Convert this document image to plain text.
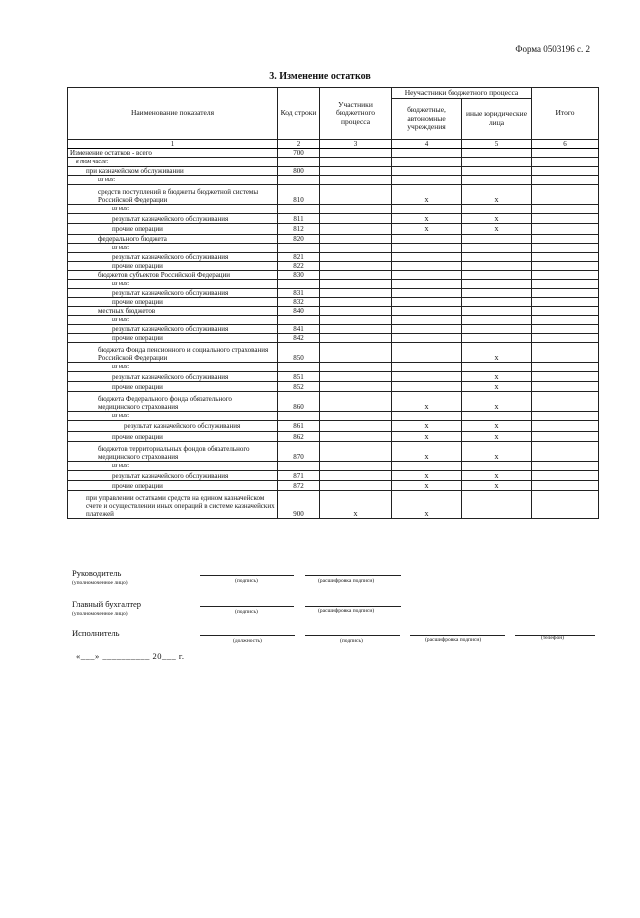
Форма 0503196 с. 2
3. Изменение остатков
Наименование показателя	Код строки	Участники бюджетного процесса	Неучастники бюджетного процесса		Итого
			бюджетные, автономные учреждения	иные юридические лица	
1	2	3	4	5	6
Изменение остатков - всего	700				
в том числе:					
при казначейском обслуживании	800				
из них:					
средств поступлений в бюджеты бюджетной системы Российской Федерации	810		х	х	
из них:					
результат казначейского обслуживания	811		х	х	
прочие операции	812		х	х	
федерального бюджета	820				
из них:					
результат казначейского обслуживания	821				
прочие операции	822				
бюджетов субъектов Российской Федерации	830				
из них:					
результат казначейского обслуживания	831				
прочие операции	832				
местных бюджетов	840				
из них:					
результат казначейского обслуживания	841				
прочие операции	842				
бюджета Фонда пенсионного и социального страхования Российской Федерации	850			х	
из них:					
результат казначейского обслуживания	851			х	
прочие операции	852			х	
бюджета Федерального фонда обязательного медицинского страхования	860		х	х	
из них:					
результат казначейского обслуживания	861		х	х	
прочие операции	862		х	х	
бюджетов территориальных фондов обязательного медицинского страхования	870		х	х	
из них:					
результат казначейского обслуживания	871		х	х	
прочие операции	872		х	х	
при управлении остатками средств на едином казначейском счете и осуществлении иных операций в системе казначейских платежей	900	х	х		
Руководитель
(уполномоченное лицо)	(подпись)	(расшифровка подписи)
Главный бухгалтер
(уполномоченное лицо)	(подпись)	(расшифровка подписи)
Исполнитель
(должность)	(подпись)	(расшифровка подписи)	(телефон)
«___» __________ 20___ г.
